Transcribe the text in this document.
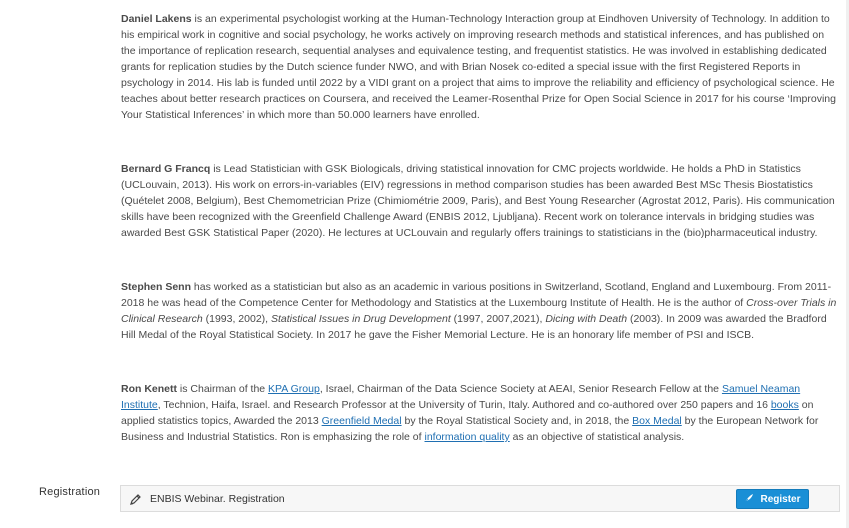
Daniel Lakens is an experimental psychologist working at the Human-Technology Interaction group at Eindhoven University of Technology. In addition to his empirical work in cognitive and social psychology, he works actively on improving research methods and statistical inferences, and has published on the importance of replication research, sequential analyses and equivalence testing, and frequentist statistics. He was involved in establishing dedicated grants for replication studies by the Dutch science funder NWO, and with Brian Nosek co-edited a special issue with the first Registered Reports in psychology in 2014. His lab is funded until 2022 by a VIDI grant on a project that aims to improve the reliability and efficiency of psychological science. He teaches about better research practices on Coursera, and received the Leamer-Rosenthal Prize for Open Social Science in 2017 for his course ‘Improving Your Statistical Inferences’ in which more than 50.000 learners have enrolled.

Bernard G Francq is Lead Statistician with GSK Biologicals, driving statistical innovation for CMC projects worldwide. He holds a PhD in Statistics (UCLouvain, 2013). His work on errors-in-variables (EIV) regressions in method comparison studies has been awarded Best MSc Thesis Biostatistics (Quételet 2008, Belgium), Best Chemometrician Prize (Chimiométrie 2009, Paris), and Best Young Researcher (Agrostat 2012, Paris). His communication skills have been recognized with the Greenfield Challenge Award (ENBIS 2012, Ljubljana). Recent work on tolerance intervals in bridging studies was awarded Best GSK Statistical Paper (2020). He lectures at UCLouvain and regularly offers trainings to statisticians in the (bio)pharmaceutical industry.

Stephen Senn has worked as a statistician but also as an academic in various positions in Switzerland, Scotland, England and Luxembourg. From 2011-2018 he was head of the Competence Center for Methodology and Statistics at the Luxembourg Institute of Health. He is the author of Cross-over Trials in Clinical Research (1993, 2002), Statistical Issues in Drug Development (1997, 2007,2021), Dicing with Death (2003). In 2009 was awarded the Bradford Hill Medal of the Royal Statistical Society. In 2017 he gave the Fisher Memorial Lecture. He is an honorary life member of PSI and ISCB.

Ron Kenett is Chairman of the KPA Group, Israel, Chairman of the Data Science Society at AEAI, Senior Research Fellow at the Samuel Neaman Institute, Technion, Haifa, Israel. and Research Professor at the University of Turin, Italy. Authored and co-authored over 250 papers and 16 books on applied statistics topics, Awarded the 2013 Greenfield Medal by the Royal Statistical Society and, in 2018, the Box Medal by the European Network for Business and Industrial Statistics. Ron is emphasizing the role of information quality as an objective of statistical analysis.

Registration
ENBIS Webinar. Registration	Register
